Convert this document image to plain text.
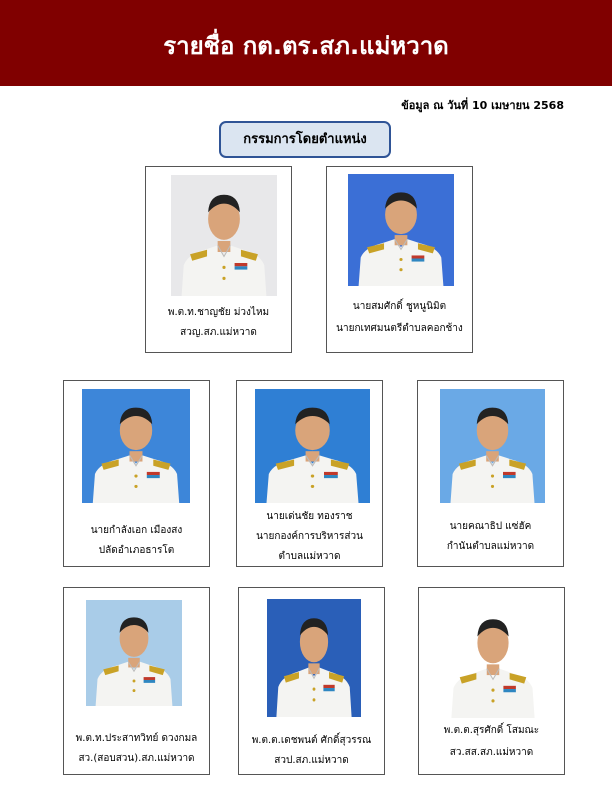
รายชื่อ กต.ตร.สภ.แม่หวาด
ข้อมูล ณ วันที่ 10 เมษายน 2568
กรรมการโดยตำแหน่ง
พ.ต.ท.ชาญชัย ม่วงไหม
สวญ.สภ.แม่หวาด
นายสมศักดิ์ ชูหนูนิมิต
นายกเทศมนตรีตำบลคอกช้าง
นายกำลังเอก เมืองสง
ปลัดอำเภอธารโต
นายเด่นชัย ทองราช
นายกองค์การบริหารส่วน
ตำบลแม่หวาด
นายคณาธิป แซ่ฮัค
กำนันตำบลแม่หวาด
พ.ต.ท.ประสาทวิทย์ ดวงกมล
สว.(สอบสวน).สภ.แม่หวาด
พ.ต.ต.เดชพนต์ ศักดิ์สุวรรณ
สวป.สภ.แม่หวาด
พ.ต.ต.สุรศักดิ์ โสมณะ
สว.สส.สภ.แม่หวาด
